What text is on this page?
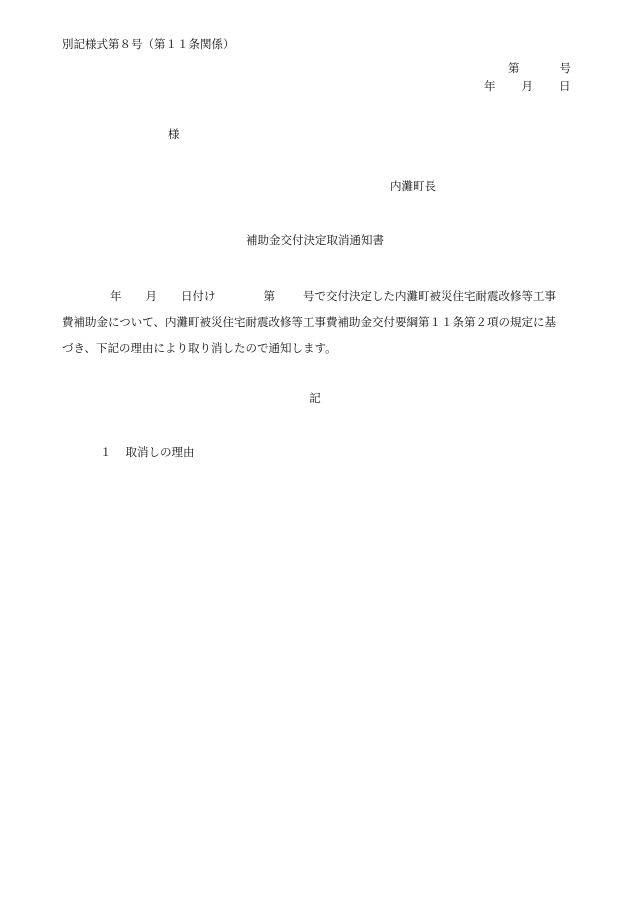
別記様式第８号（第１１条関係）
第	号
年 月 日
様
内灘町長
補助金交付決定取消通知書
年 月 日付け	第 号で交付決定した内灘町被災住宅耐震改修等工事
費補助金について、内灘町被災住宅耐震改修等工事費補助金交付要綱第１１条第２項の規定に基
づき、下記の理由により取り消したので通知します。
記
１ 取消しの理由
